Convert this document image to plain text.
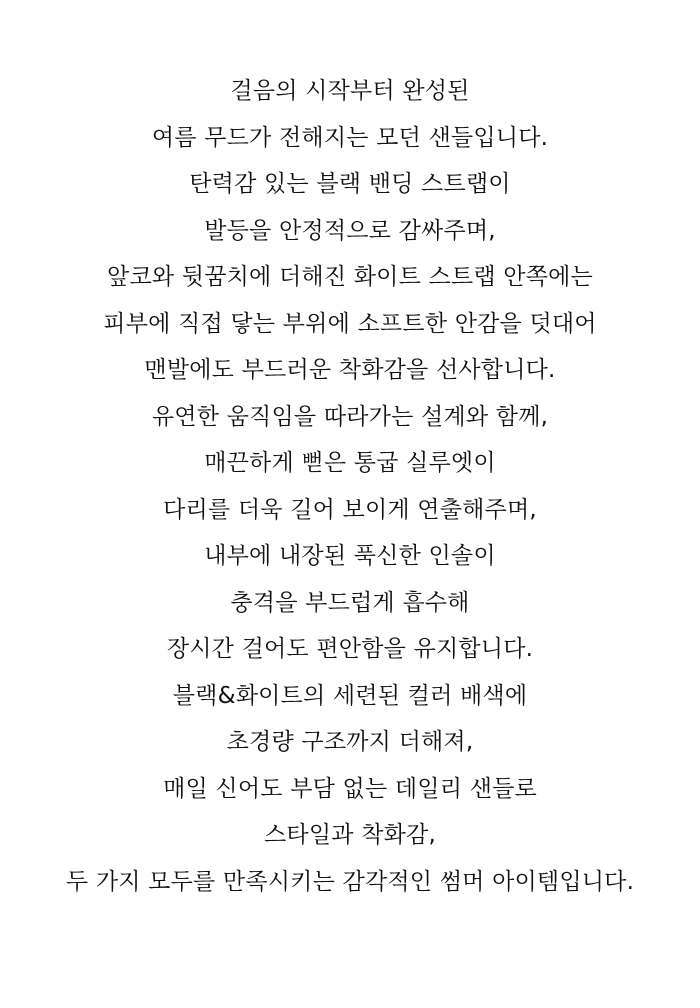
걸음의 시작부터 완성된
여름 무드가 전해지는 모던 샌들입니다.
탄력감 있는 블랙 밴딩 스트랩이
발등을 안정적으로 감싸주며,
앞코와 뒷꿈치에 더해진 화이트 스트랩 안쪽에는
피부에 직접 닿는 부위에 소프트한 안감을 덧대어
맨발에도 부드러운 착화감을 선사합니다.
유연한 움직임을 따라가는 설계와 함께,
매끈하게 뻗은 통굽 실루엣이
다리를 더욱 길어 보이게 연출해주며,
내부에 내장된 푹신한 인솔이
충격을 부드럽게 흡수해
장시간 걸어도 편안함을 유지합니다.
블랙&화이트의 세련된 컬러 배색에
초경량 구조까지 더해져,
매일 신어도 부담 없는 데일리 샌들로
스타일과 착화감,
두 가지 모두를 만족시키는 감각적인 썸머 아이템입니다.
